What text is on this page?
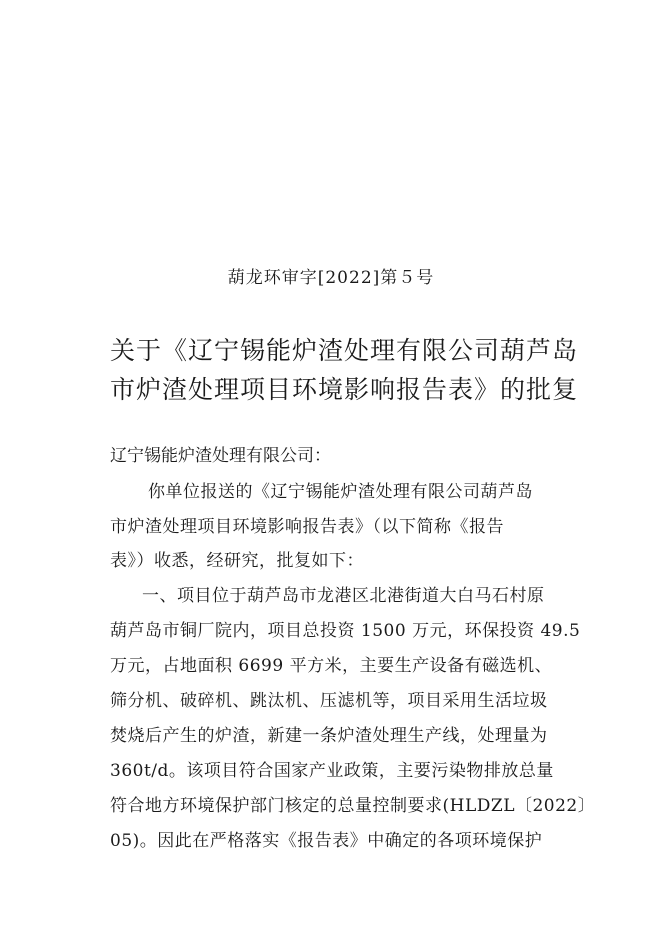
葫龙环审字[2022]第５号
关于《辽宁锡能炉渣处理有限公司葫芦岛
市炉渣处理项目环境影响报告表》的批复
辽宁锡能炉渣处理有限公司：
你单位报送的《辽宁锡能炉渣处理有限公司葫芦岛
市炉渣处理项目环境影响报告表》（以下简称《报告
表》）收悉，经研究，批复如下：
一、项目位于葫芦岛市龙港区北港街道大白马石村原
葫芦岛市铜厂院内，项目总投资 1500 万元，环保投资 49.5
万元，占地面积 6699 平方米，主要生产设备有磁选机、
筛分机、破碎机、跳汰机、压滤机等，项目采用生活垃圾
焚烧后产生的炉渣，新建一条炉渣处理生产线，处理量为
360t/d。该项目符合国家产业政策，主要污染物排放总量
符合地方环境保护部门核定的总量控制要求(HLDZL〔2022〕
05)。因此在严格落实《报告表》中确定的各项环境保护
